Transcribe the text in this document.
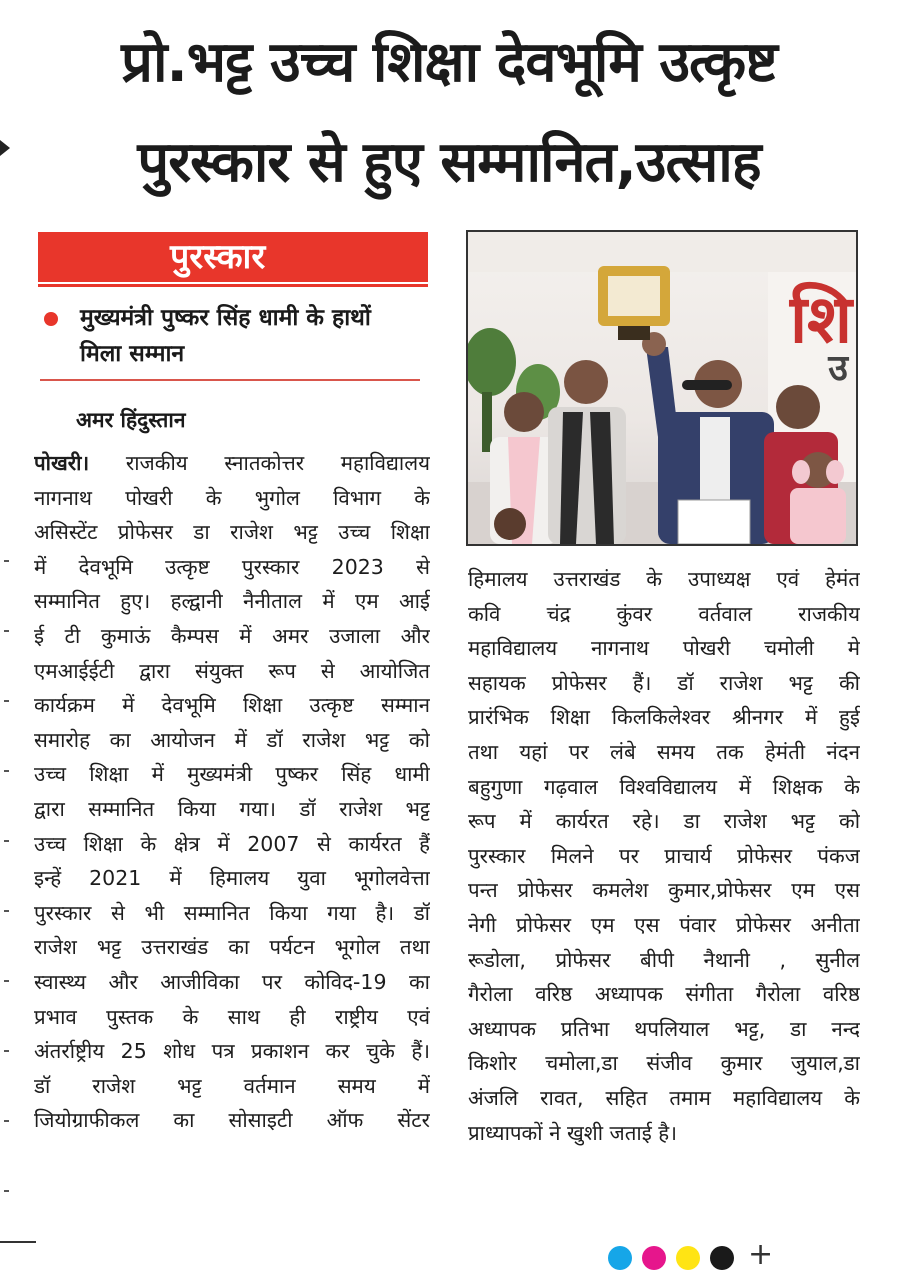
प्रो.भट्ट उच्च शिक्षा देवभूमि उत्कृष्ट
पुरस्कार से हुए सम्मानित,उत्साह
पुरस्कार
मुख्यमंत्री पुष्कर सिंह धामी के हाथों
मिला सम्मान
अमर हिंदुस्तान
पोखरी। राजकीय स्नातकोत्तर महाविद्यालय
नागनाथ पोखरी के भुगोल विभाग के
असिस्टेंट प्रोफेसर डा राजेश भट्ट उच्च शिक्षा
में देवभूमि उत्कृष्ट पुरस्कार 2023 से
सम्मानित हुए। हल्द्वानी नैनीताल में एम आई
ई टी कुमाऊं कैम्पस में अमर उजाला और
एमआईईटी द्वारा संयुक्त रूप से आयोजित
कार्यक्रम में देवभूमि शिक्षा उत्कृष्ट सम्मान
समारोह का आयोजन में डॉ राजेश भट्ट को
उच्च शिक्षा में मुख्यमंत्री पुष्कर सिंह धामी
द्वारा सम्मानित किया गया। डॉ राजेश भट्ट
उच्च शिक्षा के क्षेत्र में 2007 से कार्यरत हैं
इन्हें 2021 में हिमालय युवा भूगोलवेत्ता
पुरस्कार से भी सम्मानित किया गया है। डॉ
राजेश भट्ट उत्तराखंड का पर्यटन भूगोल तथा
स्वास्थ्य और आजीविका पर कोविद-19 का
प्रभाव पुस्तक के साथ ही राष्ट्रीय एवं
अंतर्राष्ट्रीय 25 शोध पत्र प्रकाशन कर चुके हैं।
डॉ राजेश भट्ट वर्तमान समय में
जियोग्राफीकल का सोसाइटी ऑफ सेंटर
हिमालय उत्तराखंड के उपाध्यक्ष एवं हेमंत
कवि चंद्र कुंवर वर्तवाल राजकीय
महाविद्यालय नागनाथ पोखरी चमोली मे
सहायक प्रोफेसर हैं। डॉ राजेश भट्ट की
प्रारंभिक शिक्षा किलकिलेश्वर श्रीनगर में हुई
तथा यहां पर लंबे समय तक हेमंती नंदन
बहुगुणा गढ़वाल विश्वविद्यालय में शिक्षक के
रूप में कार्यरत रहे। डा राजेश भट्ट को
पुरस्कार मिलने पर प्राचार्य प्रोफेसर पंकज
पन्त प्रोफेसर कमलेश कुमार,प्रोफेसर एम एस
नेगी प्रोफेसर एम एस पंवार प्रोफेसर अनीता
रूडोला, प्रोफेसर बीपी नैथानी , सुनील
गैरोला वरिष्ठ अध्यापक संगीता गैरोला वरिष्ठ
अध्यापक प्रतिभा थपलियाल भट्ट, डा नन्द
किशोर चमोला,डा संजीव कुमार जुयाल,डा
अंजलि रावत, सहित तमाम महाविद्यालय के
प्राध्यापकों ने खुशी जताई है।
शि
उ
+
